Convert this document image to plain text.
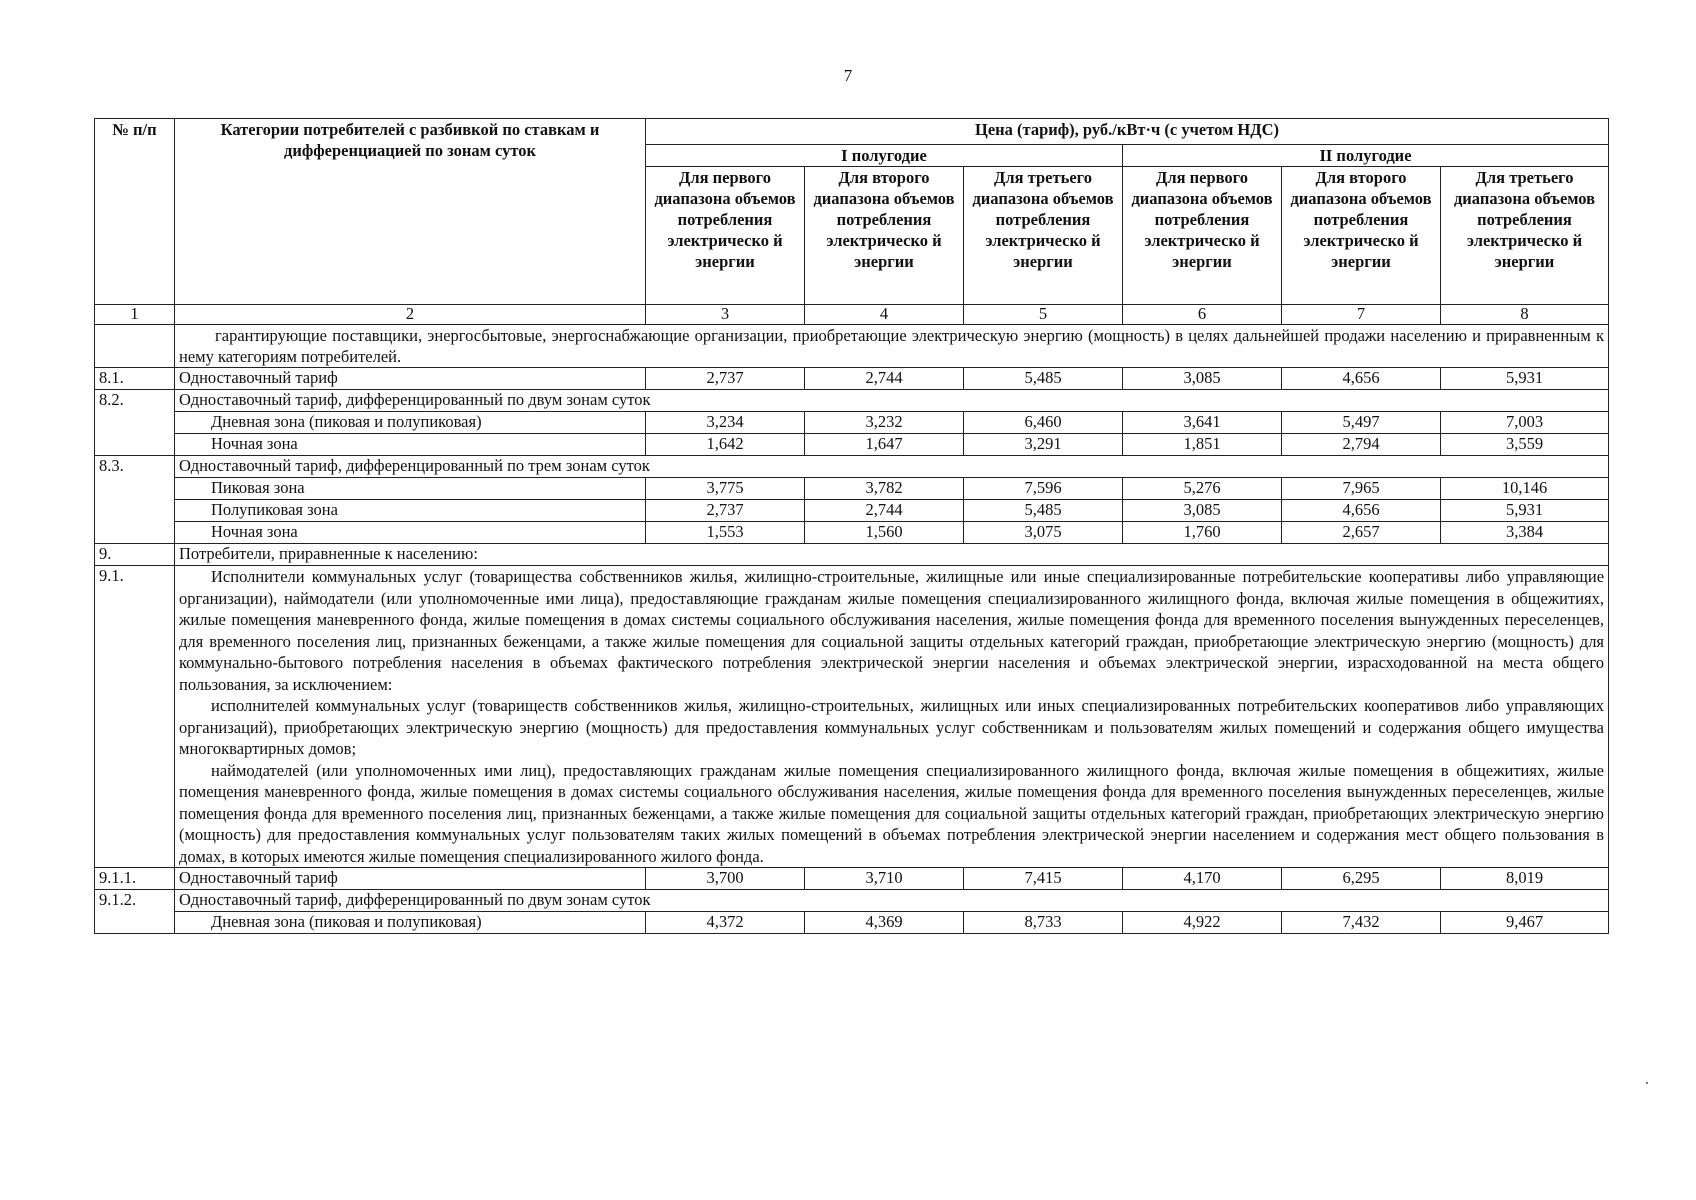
7
№ п/п	Категории потребителей с разбивкой по ставкам и дифференциацией по зонам суток	Цена (тариф), руб./кВт·ч (с учетом НДС)					
		I полугодие			II полугодие		
		Для первого диапазона объемов потребления электрическо й энергии	Для второго диапазона объемов потребления электрическо й энергии	Для третьего диапазона объемов потребления электрическо й энергии	Для первого диапазона объемов потребления электрическо й энергии	Для второго диапазона объемов потребления электрическо й энергии	Для третьего диапазона объемов потребления электрическо й энергии
1	2	3	4	5	6	7	8
	гарантирующие поставщики, энергосбытовые, энергоснабжающие организации, приобретающие электрическую энергию (мощность) в целях дальнейшей продажи населению и приравненным к нему категориям потребителей.						
8.1.	Одноставочный тариф	2,737	2,744	5,485	3,085	4,656	5,931
8.2.	Одноставочный тариф, дифференцированный по двум зонам суток						
	Дневная зона (пиковая и полупиковая)	3,234	3,232	6,460	3,641	5,497	7,003
	Ночная зона	1,642	1,647	3,291	1,851	2,794	3,559
8.3.	Одноставочный тариф, дифференцированный по трем зонам суток						
	Пиковая зона	3,775	3,782	7,596	5,276	7,965	10,146
	Полупиковая зона	2,737	2,744	5,485	3,085	4,656	5,931
	Ночная зона	1,553	1,560	3,075	1,760	2,657	3,384
9.	Потребители, приравненные к населению:						
9.1.	Исполнители коммунальных услуг (товарищества собственников жилья, жилищно-строительные, жилищные или иные специализированные потребительские кооперативы либо управляющие организации), наймодатели (или уполномоченные ими лица), предоставляющие гражданам жилые помещения специализированного жилищного фонда, включая жилые помещения в общежитиях, жилые помещения маневренного фонда, жилые помещения в домах системы социального обслуживания населения, жилые помещения фонда для временного поселения вынужденных переселенцев, для временного поселения лиц, признанных беженцами, а также жилые помещения для социальной защиты отдельных категорий граждан, приобретающие электрическую энергию (мощность) для коммунально-бытового потребления населения в объемах фактического потребления электрической энергии населения и объемах электрической энергии, израсходованной на места общего пользования, за исключением:

исполнителей коммунальных услуг (товариществ собственников жилья, жилищно-строительных, жилищных или иных специализированных потребительских кооперативов либо управляющих организаций), приобретающих электрическую энергию (мощность) для предоставления коммунальных услуг собственникам и пользователям жилых помещений и содержания общего имущества многоквартирных домов;

наймодателей (или уполномоченных ими лиц), предоставляющих гражданам жилые помещения специализированного жилищного фонда, включая жилые помещения в общежитиях, жилые помещения маневренного фонда, жилые помещения в домах системы социального обслуживания населения, жилые помещения фонда для временного поселения вынужденных переселенцев, жилые помещения фонда для временного поселения лиц, признанных беженцами, а также жилые помещения для социальной защиты отдельных категорий граждан, приобретающих электрическую энергию (мощность) для предоставления коммунальных услуг пользователям таких жилых помещений в объемах потребления электрической энергии населением и содержания мест общего пользования в домах, в которых имеются жилые помещения специализированного жилого фонда.						

9.1.1.	Одноставочный тариф	3,700	3,710	7,415	4,170	6,295	8,019
9.1.2.	Одноставочный тариф, дифференцированный по двум зонам суток						
	Дневная зона (пиковая и полупиковая)	4,372	4,369	8,733	4,922	7,432	9,467
